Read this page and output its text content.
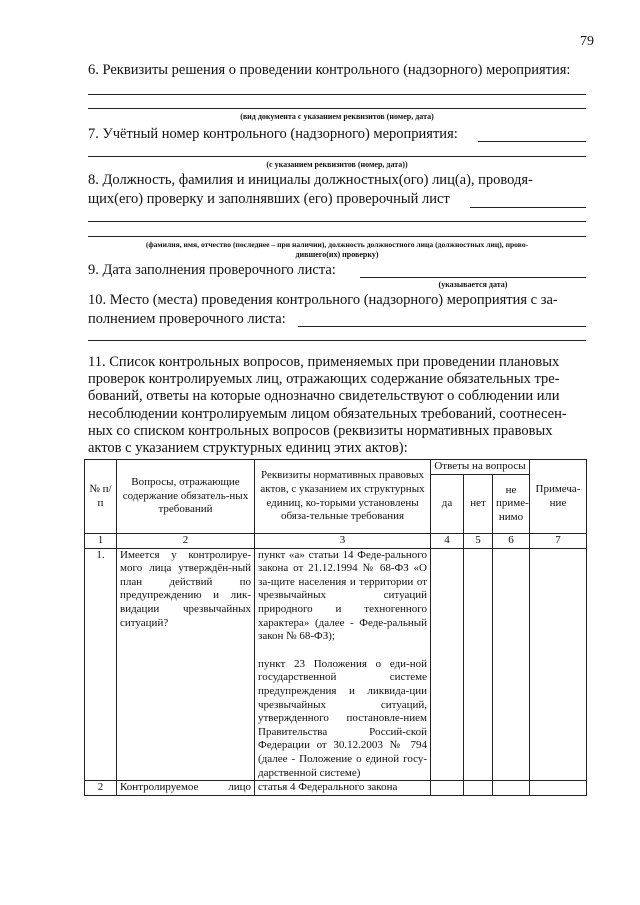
79
6. Реквизиты решения о проведении контрольного (надзорного) мероприятия:
(вид документа с указанием реквизитов (номер, дата)
7. Учётный номер контрольного (надзорного) мероприятия:
(с указанием реквизитов (номер, дата))
8. Должность, фамилия и инициалы должностных(ого) лиц(а), проводя-
щих(его) проверку и заполнявших (его) проверочный лист
(фамилия, имя, отчество (последнее – при наличии), должность должностного лица (должностных лиц), прово-
дившего(их) проверку)
9. Дата заполнения проверочного листа:
(указывается дата)
10. Место (места) проведения контрольного (надзорного) мероприятия с за-
полнением проверочного листа:
11. Список контрольных вопросов, применяемых при проведении плановых
проверок контролируемых лиц, отражающих содержание обязательных тре-
бований, ответы на которые однозначно свидетельствуют о соблюдении или
несоблюдении контролируемым лицом обязательных требований, соотнесен-
ных со списком контрольных вопросов (реквизиты нормативных правовых
актов с указанием структурных единиц этих актов):
№ п/п	Вопросы, отражающие содержание обязатель-ных требований	Реквизиты нормативных правовых актов, с указанием их структурных единиц, ко-торыми установлены обяза-тельные требования	Ответы на вопросы			Примеча-ние
			да	нет	не приме-нимо	
1	2	3	4	5	6	7
1.	Имеется у контролируе-мого лица утверждён-ный план действий по предупреждению и лик-видации чрезвычайных ситуаций?	пункт «а» статьи 14 Феде-рального закона от 21.12.1994 № 68-ФЗ «О за-щите населения и территории от чрезвычайных ситуаций природного и техногенного характера» (далее - Феде-ральный закон № 68-ФЗ);
пункт 23 Положения о еди-ной государственной системе предупреждения и ликвида-ции чрезвычайных ситуаций, утвержденного постановле-нием Правительства Россий-ской Федерации от 30.12.2003 № 794 (далее - Положение о единой госу-дарственной системе)				

2	Контролируемое лицо	статья 4 Федерального закона				
